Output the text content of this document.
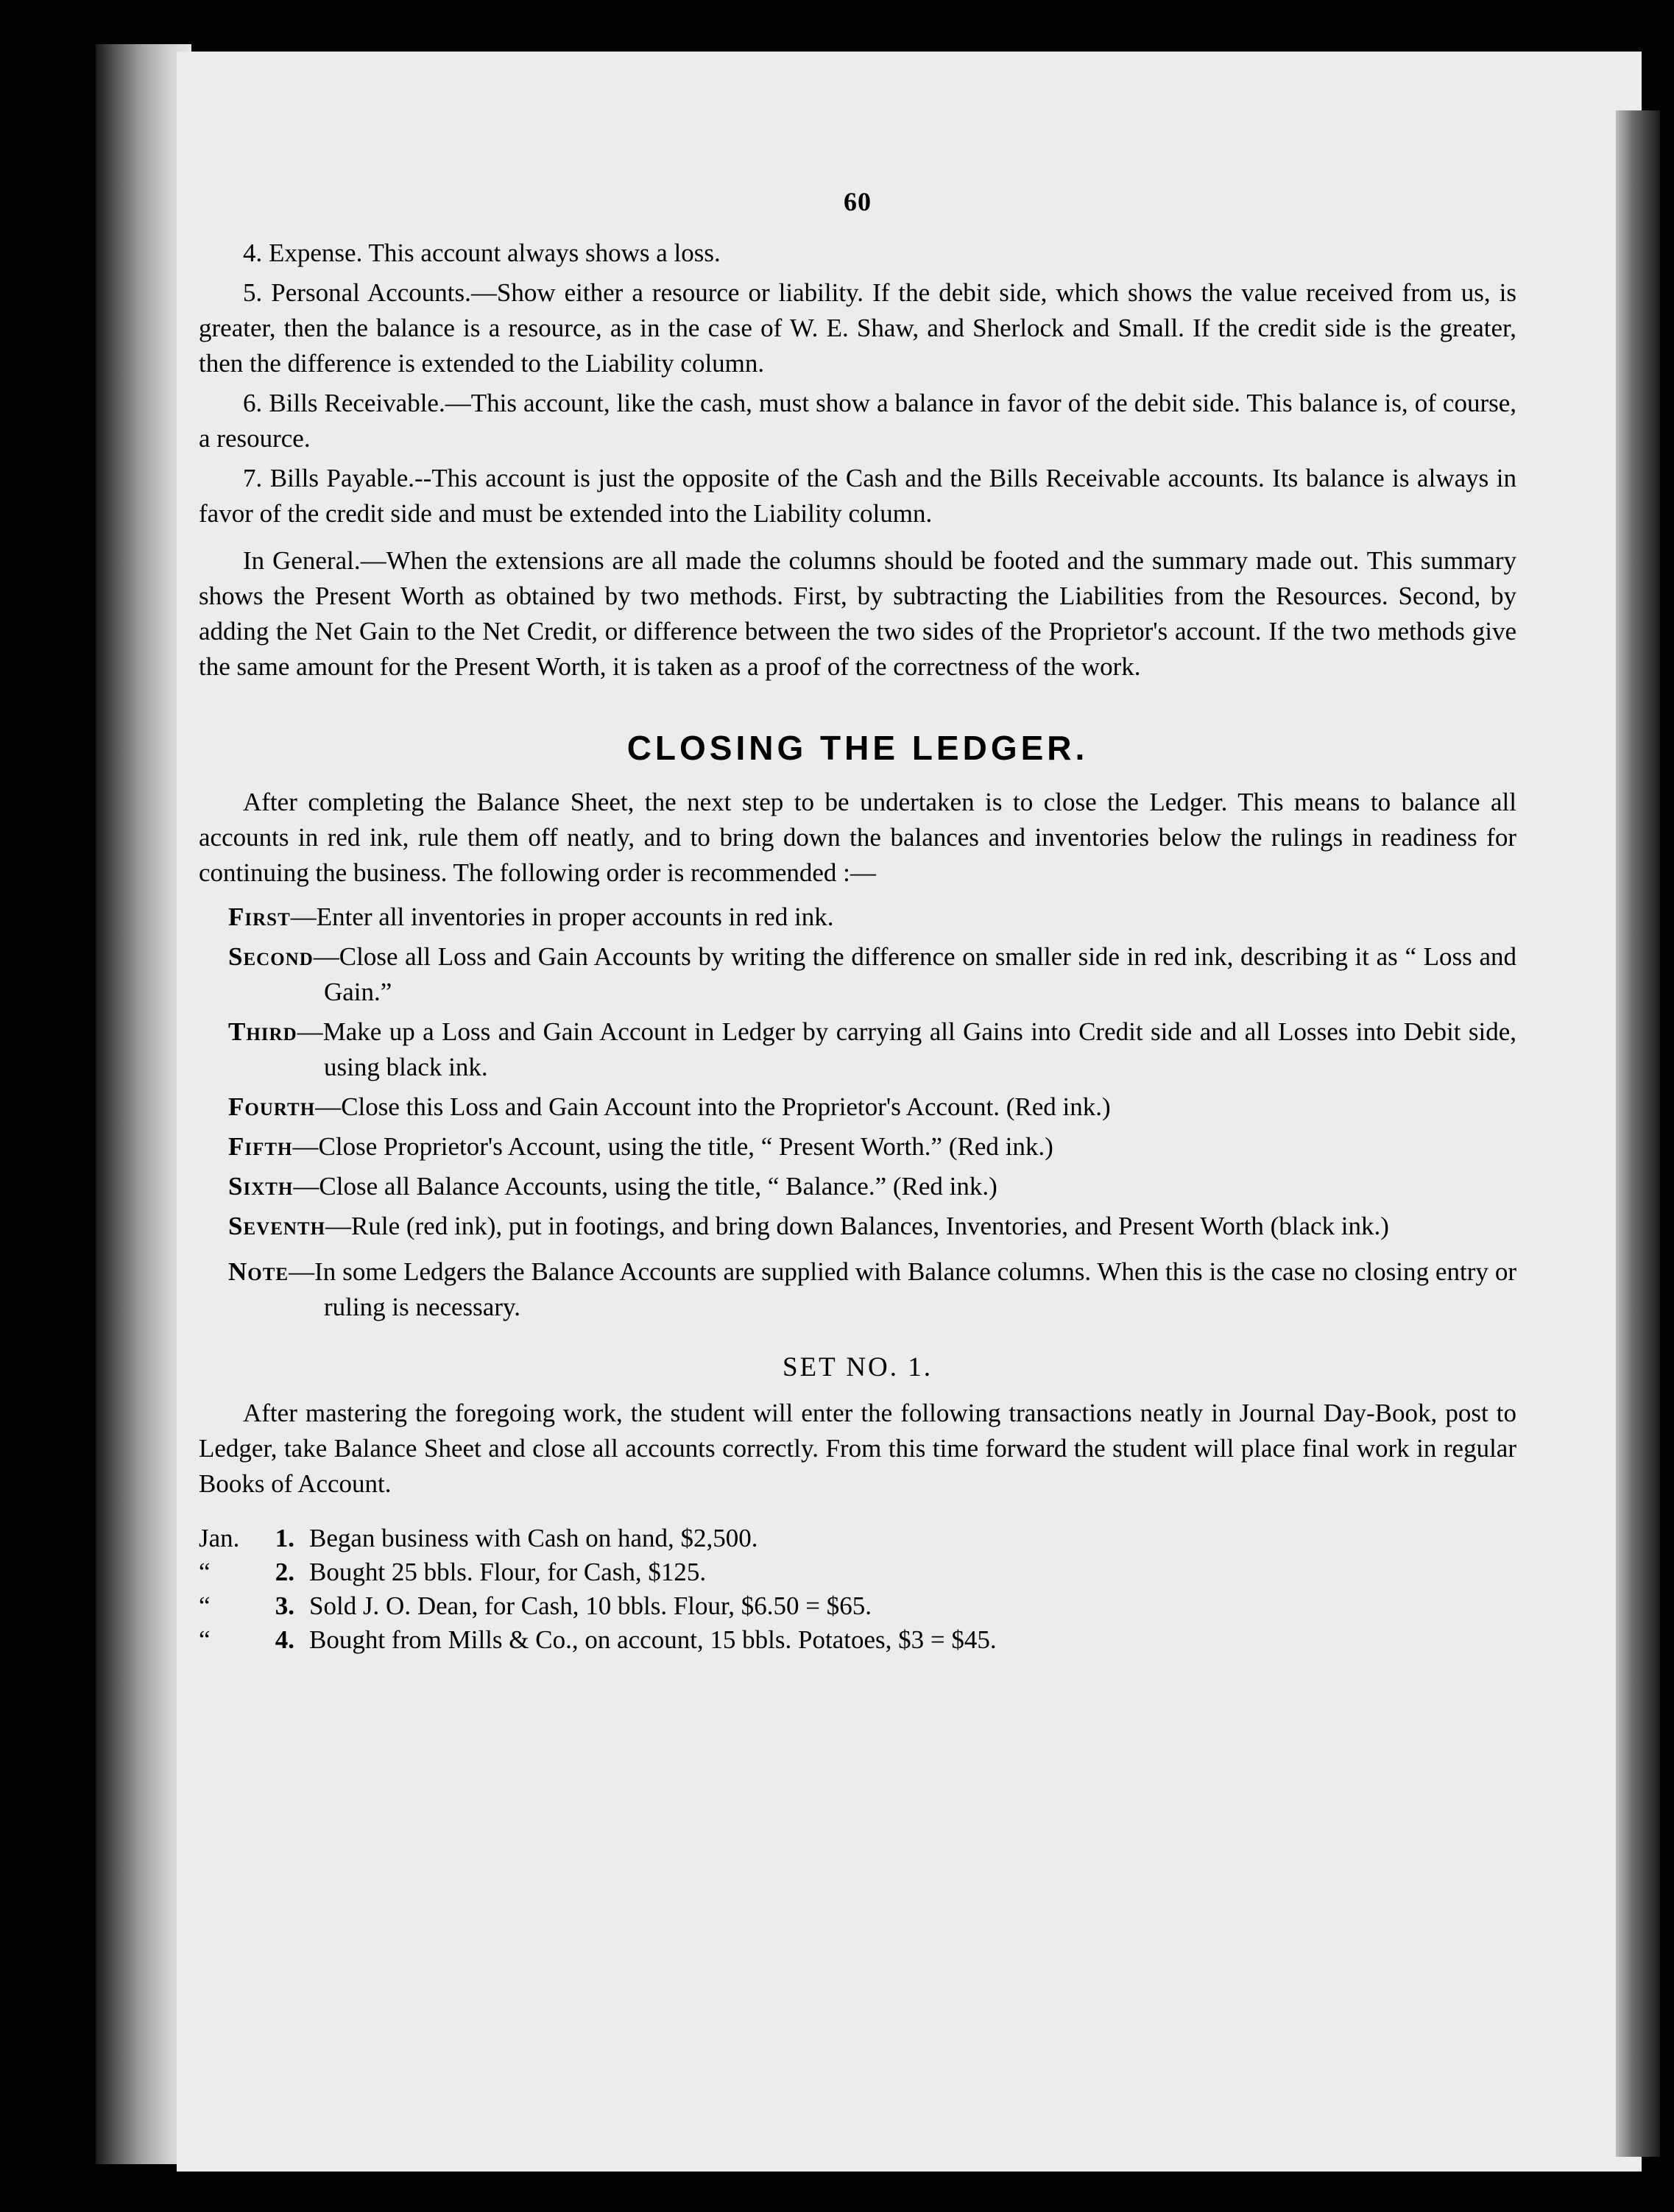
60

4. Expense. This account always shows a loss.

5. Personal Accounts.—Show either a resource or liability. If the debit side, which shows the value received from us, is greater, then the balance is a resource, as in the case of W. E. Shaw, and Sherlock and Small. If the credit side is the greater, then the difference is extended to the Liability column.

6. Bills Receivable.—This account, like the cash, must show a balance in favor of the debit side. This balance is, of course, a resource.

7. Bills Payable.--This account is just the opposite of the Cash and the Bills Receivable accounts. Its balance is always in favor of the credit side and must be extended into the Liability column.

In General.—When the extensions are all made the columns should be footed and the summary made out. This summary shows the Present Worth as obtained by two methods. First, by subtracting the Liabilities from the Resources. Second, by adding the Net Gain to the Net Credit, or difference between the two sides of the Proprietor's account. If the two methods give the same amount for the Present Worth, it is taken as a proof of the correctness of the work.

CLOSING THE LEDGER.

After completing the Balance Sheet, the next step to be undertaken is to close the Ledger. This means to balance all accounts in red ink, rule them off neatly, and to bring down the balances and inventories below the rulings in readiness for continuing the business. The following order is recommended :—

First—Enter all inventories in proper accounts in red ink.

Second—Close all Loss and Gain Accounts by writing the difference on smaller side in red ink, describing it as “ Loss and Gain.”

Third—Make up a Loss and Gain Account in Ledger by carrying all Gains into Credit side and all Losses into Debit side, using black ink.

Fourth—Close this Loss and Gain Account into the Proprietor's Account. (Red ink.)

Fifth—Close Proprietor's Account, using the title, “ Present Worth.” (Red ink.)

Sixth—Close all Balance Accounts, using the title, “ Balance.” (Red ink.)

Seventh—Rule (red ink), put in footings, and bring down Balances, Inventories, and Present Worth (black ink.)

Note—In some Ledgers the Balance Accounts are supplied with Balance columns. When this is the case no closing entry or ruling is necessary.

SET NO. 1.

After mastering the foregoing work, the student will enter the following transactions neatly in Journal Day-Book, post to Ledger, take Balance Sheet and close all accounts correctly. From this time forward the student will place final work in regular Books of Account.

Jan.	1. Began business with Cash on hand, $2,500.
“	2. Bought 25 bbls. Flour, for Cash, $125.
“	3. Sold J. O. Dean, for Cash, 10 bbls. Flour, $6.50 = $65.
“	4. Bought from Mills & Co., on account, 15 bbls. Potatoes, $3 = $45.
